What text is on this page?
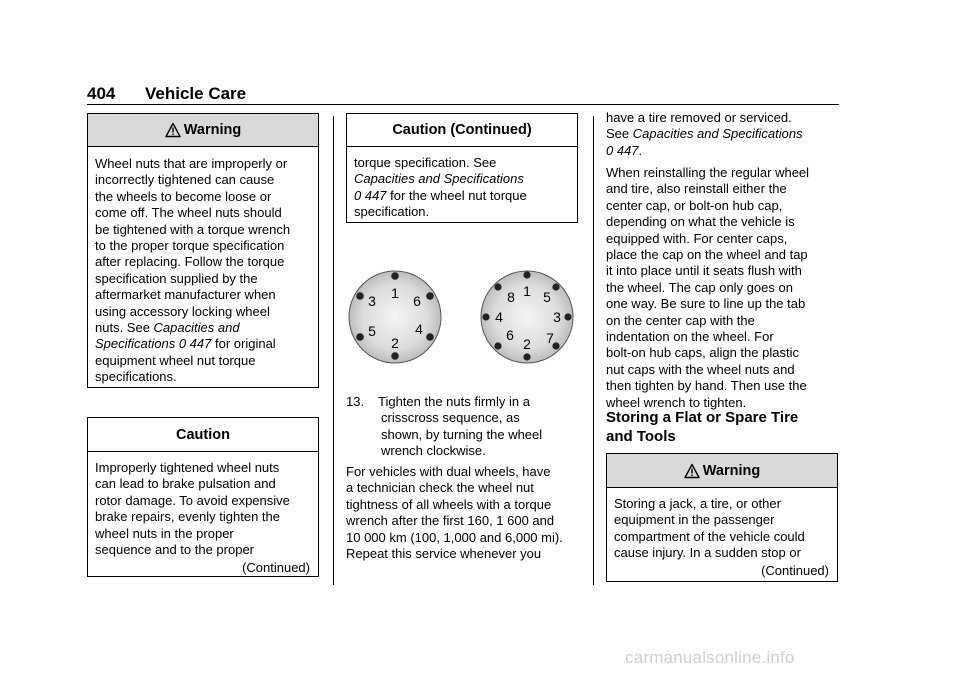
404 Vehicle Care
Warning

Wheel nuts that are improperly or

incorrectly tightened can cause

the wheels to become loose or

come off. The wheel nuts should

be tightened with a torque wrench

to the proper torque specification

after replacing. Follow the torque

specification supplied by the

aftermarket manufacturer when

using accessory locking wheel

nuts. See Capacities and

Specifications 0 447 for original

equipment wheel nut torque

specifications.

Caution

Improperly tightened wheel nuts

can lead to brake pulsation and

rotor damage. To avoid expensive

brake repairs, evenly tighten the

wheel nuts in the proper

sequence and to the proper

(Continued)

Caution (Continued)

torque specification. See

Capacities and Specifications

0 447 for the wheel nut torque

specification.

1 6
4
2
5
3
1 5
3
7
2
6
4
8
13. Tighten the nuts firmly in a
crisscross sequence, as
shown, by turning the wheel
wrench clockwise.

For vehicles with dual wheels, have

a technician check the wheel nut

tightness of all wheels with a torque

wrench after the first 160, 1 600 and

10 000 km (100, 1,000 and 6,000 mi).

Repeat this service whenever you

have a tire removed or serviced.

See Capacities and Specifications

0 447.

When reinstalling the regular wheel

and tire, also reinstall either the

center cap, or bolt-on hub cap,

depending on what the vehicle is

equipped with. For center caps,

place the cap on the wheel and tap

it into place until it seats flush with

the wheel. The cap only goes on

one way. Be sure to line up the tab

on the center cap with the

indentation on the wheel. For

bolt-on hub caps, align the plastic

nut caps with the wheel nuts and

then tighten by hand. Then use the

wheel wrench to tighten.

Storing a Flat or Spare Tire
and Tools
Warning

Storing a jack, a tire, or other

equipment in the passenger

compartment of the vehicle could

cause injury. In a sudden stop or

(Continued)

carmanualsonline.info
